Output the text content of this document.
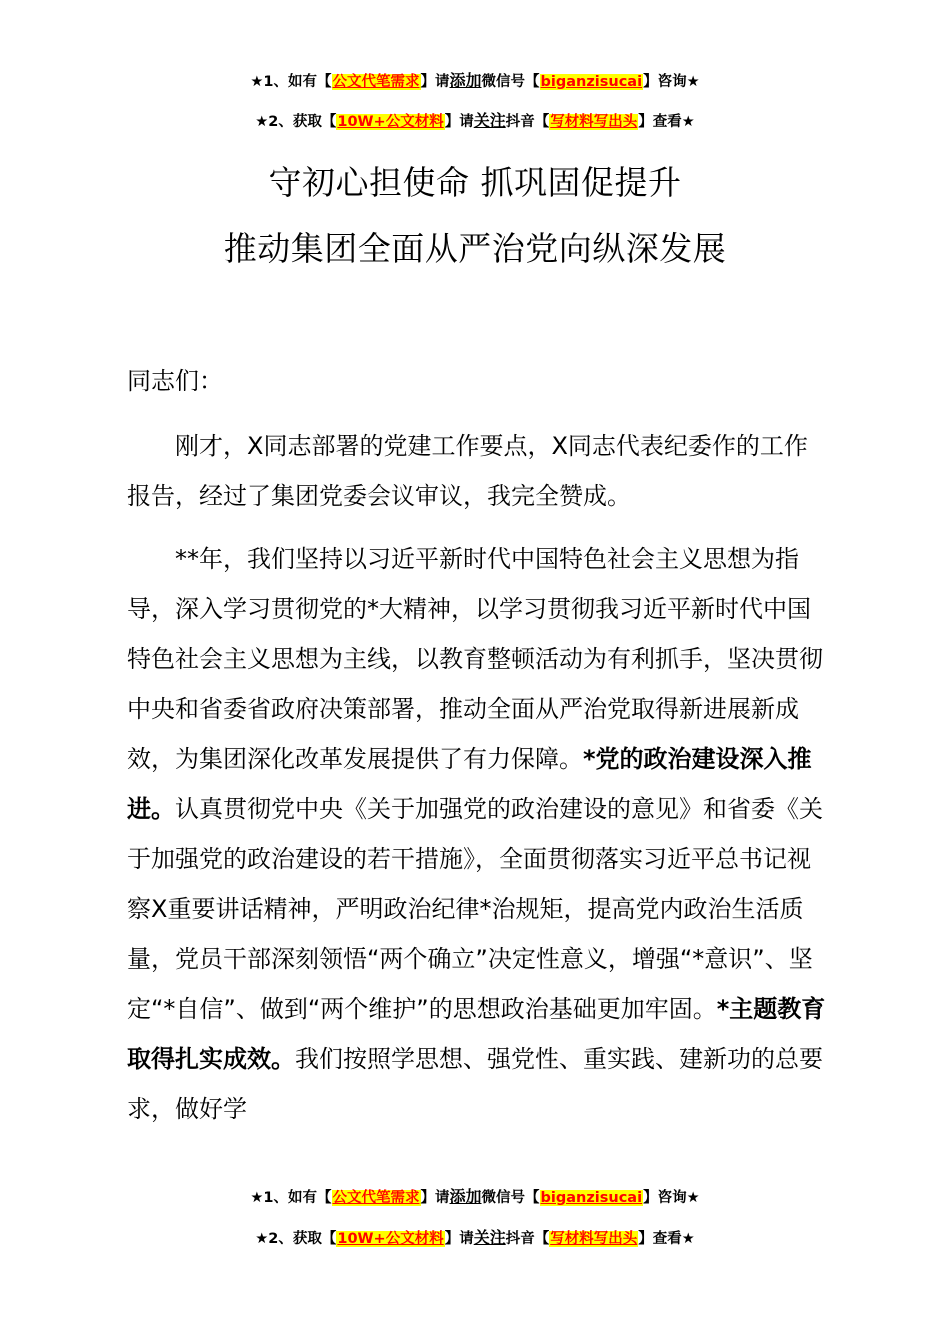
★1、如有【公文代笔需求】请添加微信号【biganzisucai】咨询★
★2、获取【10W+公文材料】请关注抖音【写材料写出头】查看★
守初心担使命 抓巩固促提升
推动集团全面从严治党向纵深发展
同志们：

刚才，X同志部署的党建工作要点，X同志代表纪委作的工作报告，经过了集团党委会议审议，我完全赞成。

**年，我们坚持以习近平新时代中国特色社会主义思想为指导，深入学习贯彻党的*大精神，以学习贯彻我习近平新时代中国特色社会主义思想为主线，以教育整顿活动为有利抓手，坚决贯彻中央和省委省政府决策部署，推动全面从严治党取得新进展新成效，为集团深化改革发展提供了有力保障。*党的政治建设深入推进。认真贯彻党中央《关于加强党的政治建设的意见》和省委《关于加强党的政治建设的若干措施》，全面贯彻落实习近平总书记视察X重要讲话精神，严明政治纪律*治规矩，提高党内政治生活质量，党员干部深刻领悟“两个确立”决定性意义，增强“*意识”、坚定“*自信”、做到“两个维护”的思想政治基础更加牢固。*主题教育取得扎实成效。我们按照学思想、强党性、重实践、建新功的总要求，做好学

★1、如有【公文代笔需求】请添加微信号【biganzisucai】咨询★
★2、获取【10W+公文材料】请关注抖音【写材料写出头】查看★
